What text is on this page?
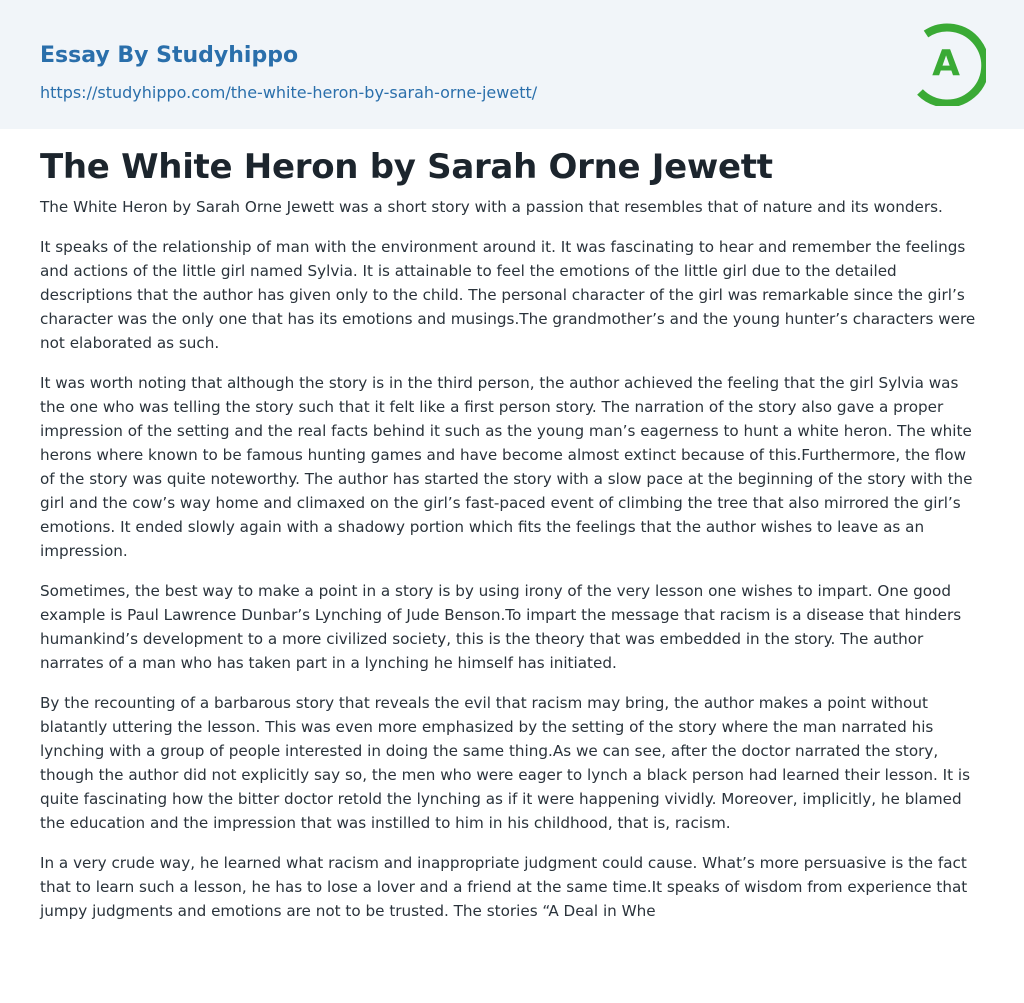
Essay By Studyhippo
https://studyhippo.com/the-white-heron-by-sarah-orne-jewett/
A
The White Heron by Sarah Orne Jewett

The White Heron by Sarah Orne Jewett was a short story with a passion that resembles that of nature and its wonders.

It speaks of the relationship of man with the environment around it. It was fascinating to hear and remember the feelings and actions of the little girl named Sylvia. It is attainable to feel the emotions of the little girl due to the detailed descriptions that the author has given only to the child. The personal character of the girl was remarkable since the girl’s character was the only one that has its emotions and musings.The grandmother’s and the young hunter’s characters were not elaborated as such.

It was worth noting that although the story is in the third person, the author achieved the feeling that the girl Sylvia was the one who was telling the story such that it felt like a first person story. The narration of the story also gave a proper impression of the setting and the real facts behind it such as the young man’s eagerness to hunt a white heron. The white herons where known to be famous hunting games and have become almost extinct because of this.Furthermore, the flow of the story was quite noteworthy. The author has started the story with a slow pace at the beginning of the story with the girl and the cow’s way home and climaxed on the girl’s fast-paced event of climbing the tree that also mirrored the girl’s emotions. It ended slowly again with a shadowy portion which fits the feelings that the author wishes to leave as an impression.

Sometimes, the best way to make a point in a story is by using irony of the very lesson one wishes to impart. One good example is Paul Lawrence Dunbar’s Lynching of Jude Benson.To impart the message that racism is a disease that hinders humankind’s development to a more civilized society, this is the theory that was embedded in the story. The author narrates of a man who has taken part in a lynching he himself has initiated.

By the recounting of a barbarous story that reveals the evil that racism may bring, the author makes a point without blatantly uttering the lesson. This was even more emphasized by the setting of the story where the man narrated his lynching with a group of people interested in doing the same thing.As we can see, after the doctor narrated the story, though the author did not explicitly say so, the men who were eager to lynch a black person had learned their lesson. It is quite fascinating how the bitter doctor retold the lynching as if it were happening vividly. Moreover, implicitly, he blamed the education and the impression that was instilled to him in his childhood, that is, racism.

In a very crude way, he learned what racism and inappropriate judgment could cause. What’s more persuasive is the fact that to learn such a lesson, he has to lose a lover and a friend at the same time.It speaks of wisdom from experience that jumpy judgments and emotions are not to be trusted. The stories “A Deal in Whe
